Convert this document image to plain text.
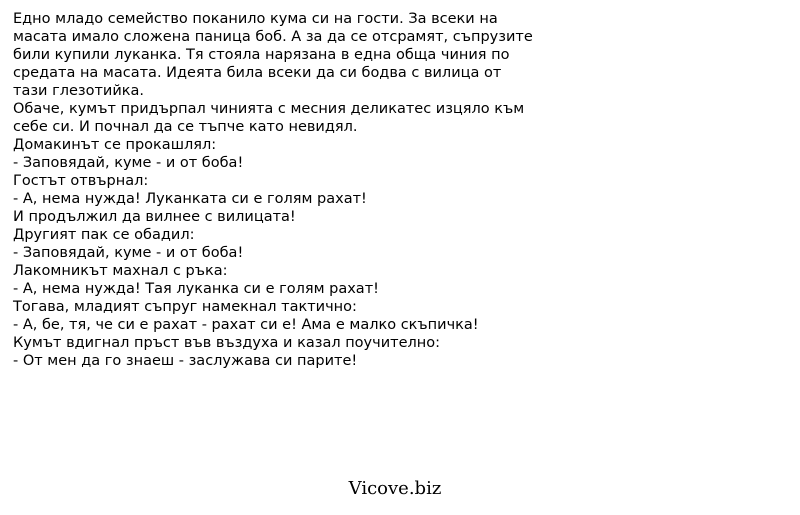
Едно младо семейство поканило кума си на гости. За всеки на
масата имало сложена паница боб. А за да се отсрамят, съпрузите
били купили луканка. Тя стояла нарязана в една обща чиния по
средата на масата. Идеята била всеки да си бодва с вилица от
тази глезотийка.
Обаче, кумът придърпал чинията с месния деликатес изцяло към
себе си. И почнал да се тъпче като невидял.
Домакинът се прокашлял:
- Заповядай, куме - и от боба!
Гостът отвърнал:
- А, нема нужда! Луканката си е голям рахат!
И продължил да вилнее с вилицата!
Другият пак се обадил:
- Заповядай, куме - и от боба!
Лакомникът махнал с ръка:
- А, нема нужда! Тая луканка си е голям рахат!
Тогава, младият съпруг намекнал тактично:
- А, бе, тя, че си е рахат - рахат си е! Ама е малко скъпичка!
Кумът вдигнал пръст във въздуха и казал поучително:
- От мен да го знаеш - заслужава си парите!
Vicove.biz
